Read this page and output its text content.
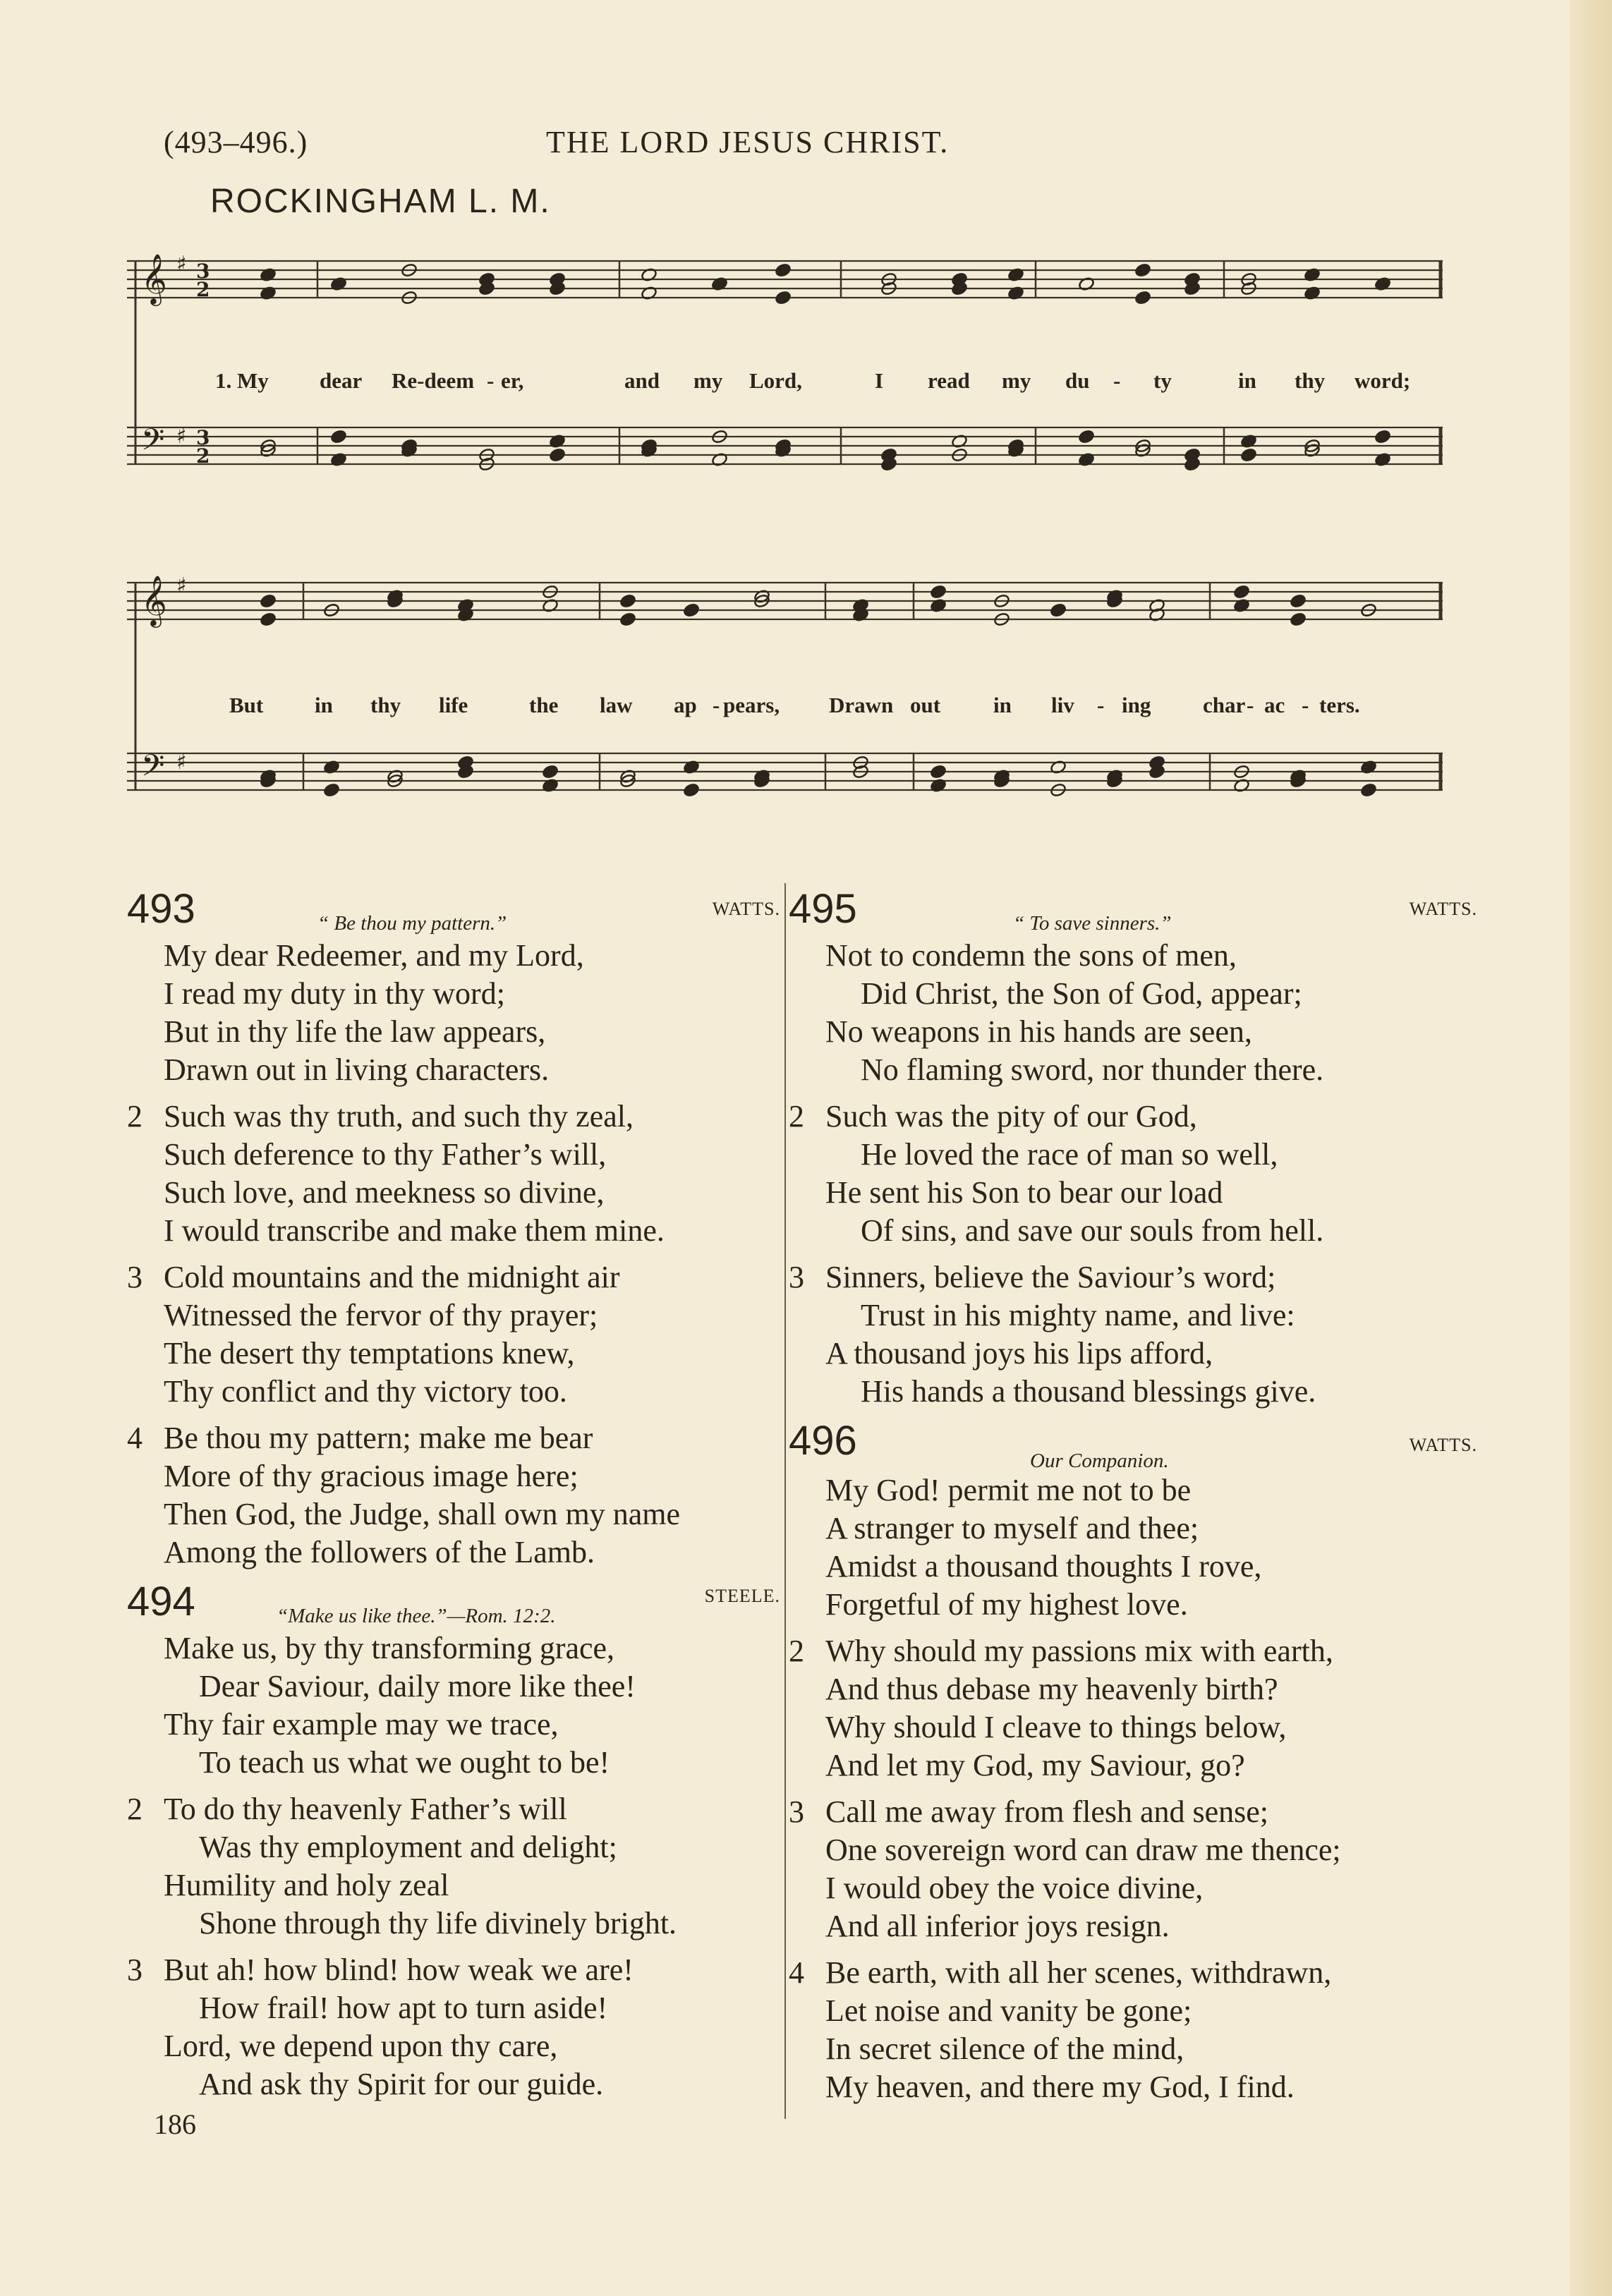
(493–496.)	THE LORD JESUS CHRIST.
ROCKINGHAM L. M.
𝄞
𝄢
♯
♯
3
2
3
2
1. My dear Re-deem - er,	and my Lord,	I read my du - ty	in thy word;
𝄞
𝄢
♯
♯
But in thy life	the law ap - pears, Drawn out in liv - ing char - ac - ters.
493	“ Be thou my pattern.”
WATTS.
My dear Redeemer, and my Lord,
I read my duty in thy word;
But in thy life the law appears,
Drawn out in living characters.
2 Such was thy truth, and such thy zeal,
Such deference to thy Father’s will,
Such love, and meekness so divine,
I would transcribe and make them mine.
3 Cold mountains and the midnight air
Witnessed the fervor of thy prayer;
The desert thy temptations knew,
Thy conflict and thy victory too.
4 Be thou my pattern; make me bear
More of thy gracious image here;
Then God, the Judge, shall own my name
Among the followers of the Lamb.
494	“Make us like thee.”—Rom. 12:2.
STEELE.
Make us, by thy transforming grace,
Dear Saviour, daily more like thee!
Thy fair example may we trace,
To teach us what we ought to be!
2 To do thy heavenly Father’s will
Was thy employment and delight;
Humility and holy zeal
Shone through thy life divinely bright.
3 But ah! how blind! how weak we are!
How frail! how apt to turn aside!
Lord, we depend upon thy care,
And ask thy Spirit for our guide.
495	“ To save sinners.”
WATTS.
Not to condemn the sons of men,
Did Christ, the Son of God, appear;
No weapons in his hands are seen,
No flaming sword, nor thunder there.
2 Such was the pity of our God,
He loved the race of man so well,
He sent his Son to bear our load
Of sins, and save our souls from hell.
3 Sinners, believe the Saviour’s word;
Trust in his mighty name, and live:
A thousand joys his lips afford,
His hands a thousand blessings give.
496	Our Companion.
WATTS.
My God! permit me not to be
A stranger to myself and thee;
Amidst a thousand thoughts I rove,
Forgetful of my highest love.
2 Why should my passions mix with earth,
And thus debase my heavenly birth?
Why should I cleave to things below,
And let my God, my Saviour, go?
3 Call me away from flesh and sense;
One sovereign word can draw me thence;
I would obey the voice divine,
And all inferior joys resign.
4 Be earth, with all her scenes, withdrawn,
Let noise and vanity be gone;
In secret silence of the mind,
My heaven, and there my God, I find.
186
